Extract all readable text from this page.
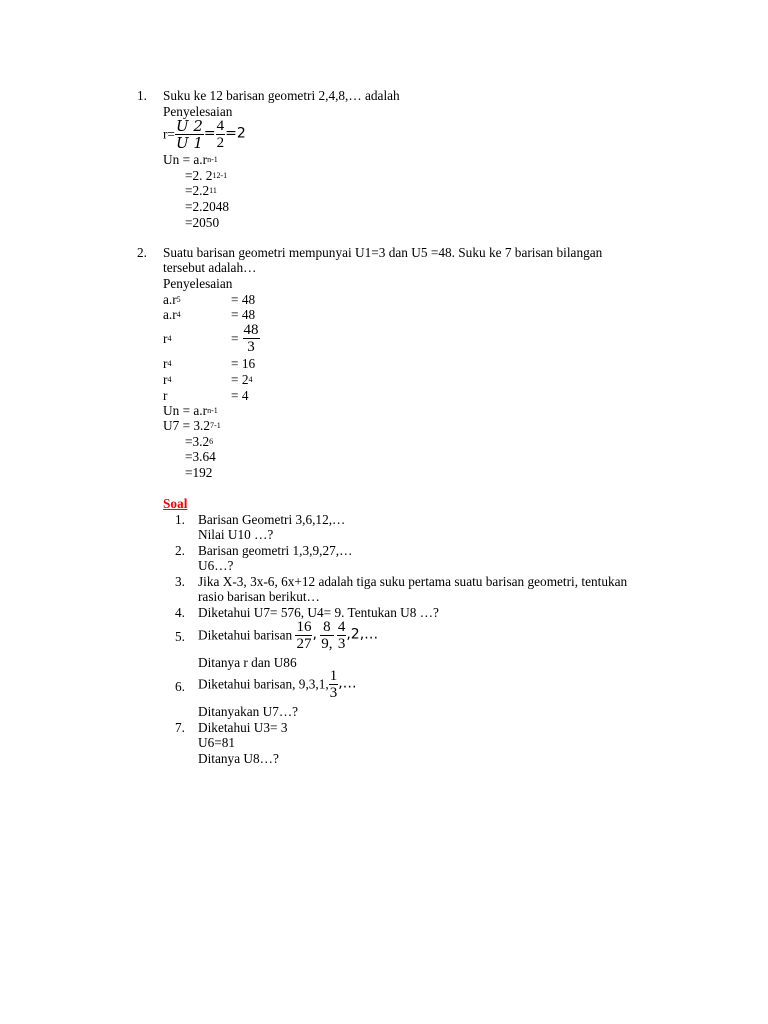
1. Suku ke 12 barisan geometri 2,4,8,… adalah
Penyelesaian
$r= \frac{U 2}{U 1} = \frac{4}{2} =2$
$Un = a.r^{n-1}$
=2. $2^{12-1}$
$=2.2^{11}$
=2.2048
=2050
2. Suatu barisan geometri mempunyai U1=3 dan U5 =48. Suku ke 7 barisan bilangan
tersebut adalah…
Penyelesaian
$a.r^5$	= 48
$a.r^4$	= 48
$r^4$	= $\frac{48}{3}$
$r^4$	= 16
$r^4$	= $2^4$
r	= 4
$Un = a.r^{n-1}$
$U7 = 3.2^{7-1}$
$=3.2^6$
=3.64
=192
Soal
1. Barisan Geometri 3,6,12,…
Nilai U10 …?
2. Barisan geometri 1,3,9,27,…
U6…?
3. Jika X-3, 3x-6, 6x+12 adalah tiga suku pertama suatu barisan geometri, tentukan
rasio barisan berikut…
4. Diketahui U7= 576, U4= 9. Tentukan U8 …?
5. Diketahui barisan $\frac{16}{27}$ , $\frac{8}{9,}$
$\frac{4}{3}$ ,2,…
Ditanya r dan U86
6. Diketahui barisan, 9,3,1, $\frac{1}{3}$ ,…
Ditanyakan U7…?
7. Diketahui U3= 3
U6=81
Ditanya U8…?
